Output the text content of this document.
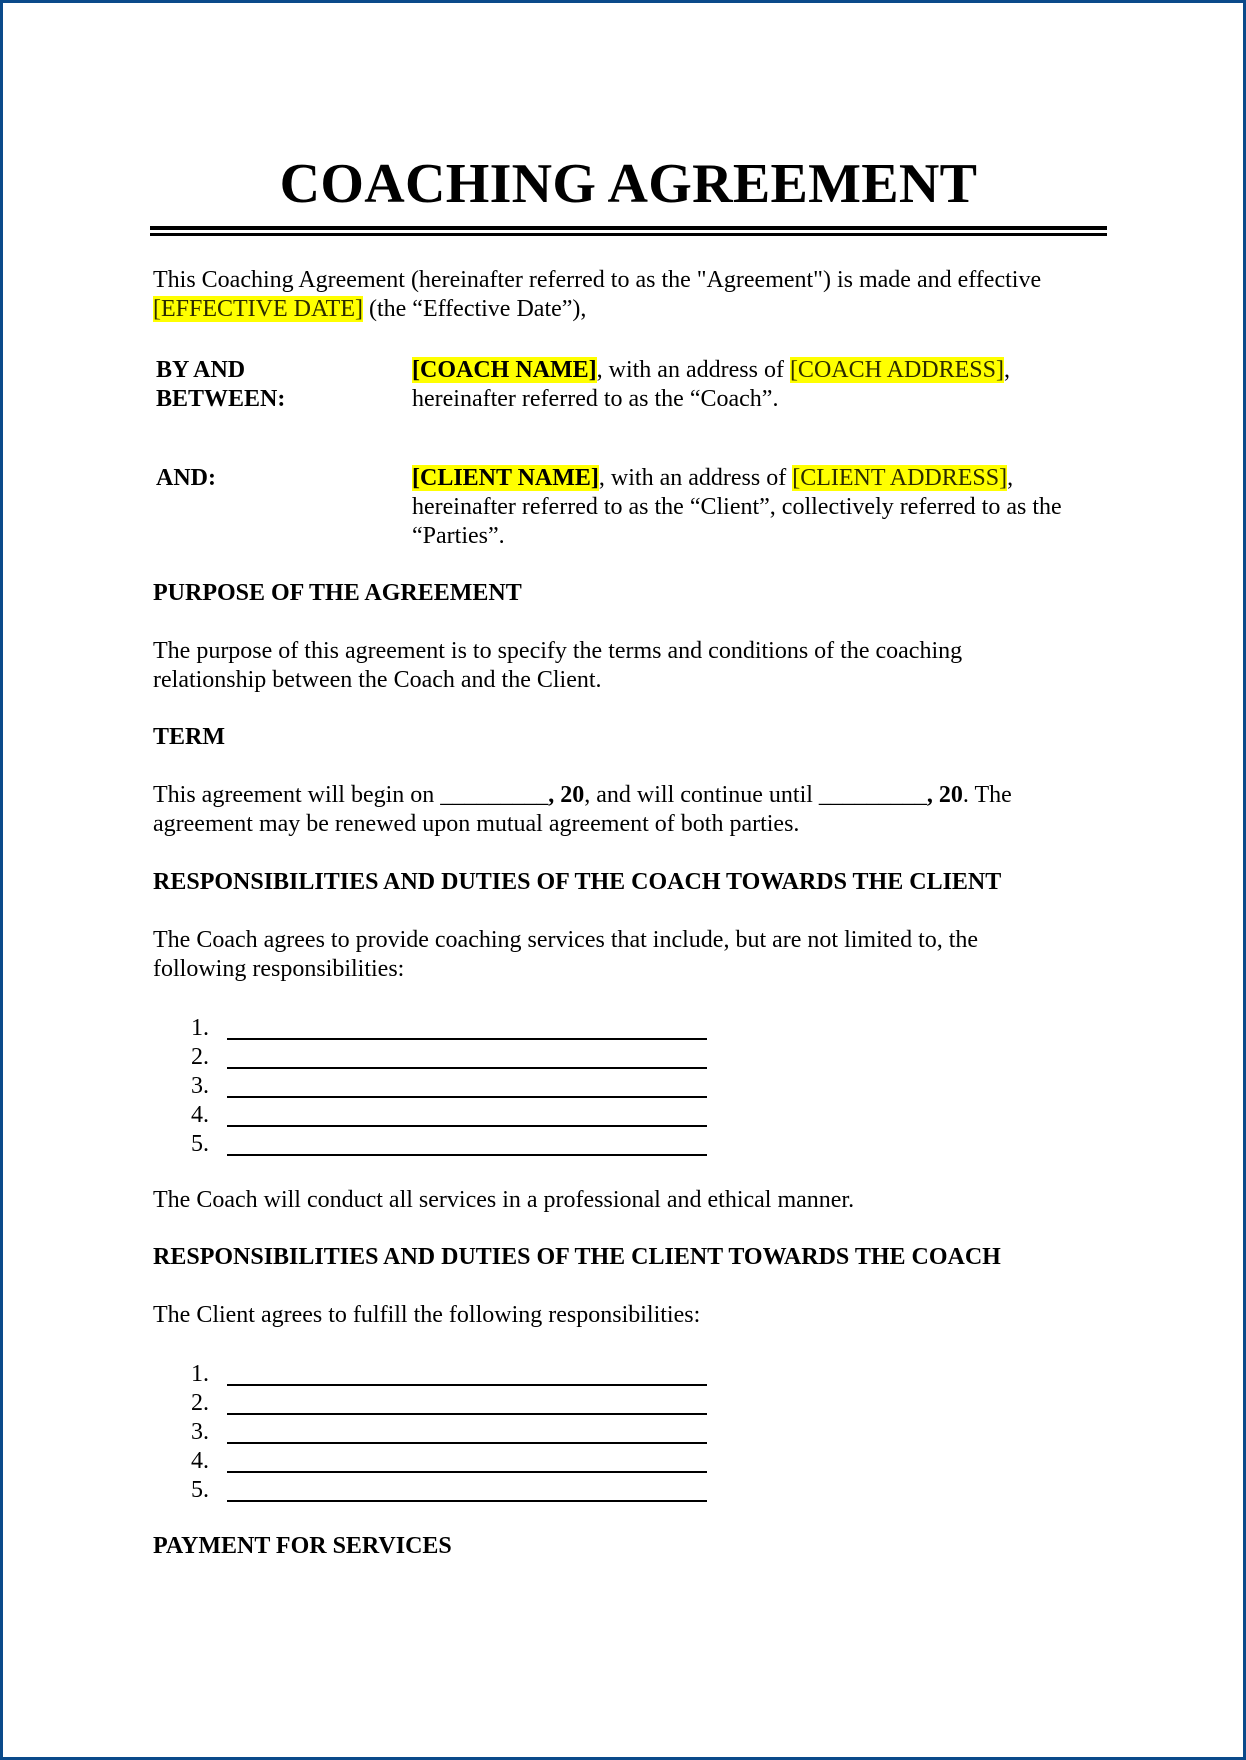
COACHING AGREEMENT
This Coaching Agreement (hereinafter referred to as the "Agreement") is made and effective [EFFECTIVE DATE] (the “Effective Date”),
BY AND BETWEEN:
[COACH NAME], with an address of [COACH ADDRESS],
hereinafter referred to as the “Coach”.
AND:	[CLIENT NAME], with an address of [CLIENT ADDRESS],
hereinafter referred to as the “Client”, collectively referred to as the “Parties”.
PURPOSE OF THE AGREEMENT
The purpose of this agreement is to specify the terms and conditions of the coaching relationship between the Coach and the Client.
TERM
This agreement will begin on _________, 20, and will continue until _________, 20. The agreement may be renewed upon mutual agreement of both parties.
RESPONSIBILITIES AND DUTIES OF THE COACH TOWARDS THE CLIENT
The Coach agrees to provide coaching services that include, but are not limited to, the following responsibilities:
1.
2.
3.
4.
5.
The Coach will conduct all services in a professional and ethical manner.
RESPONSIBILITIES AND DUTIES OF THE CLIENT TOWARDS THE COACH
The Client agrees to fulfill the following responsibilities:
1.
2.
3.
4.
5.
PAYMENT FOR SERVICES
